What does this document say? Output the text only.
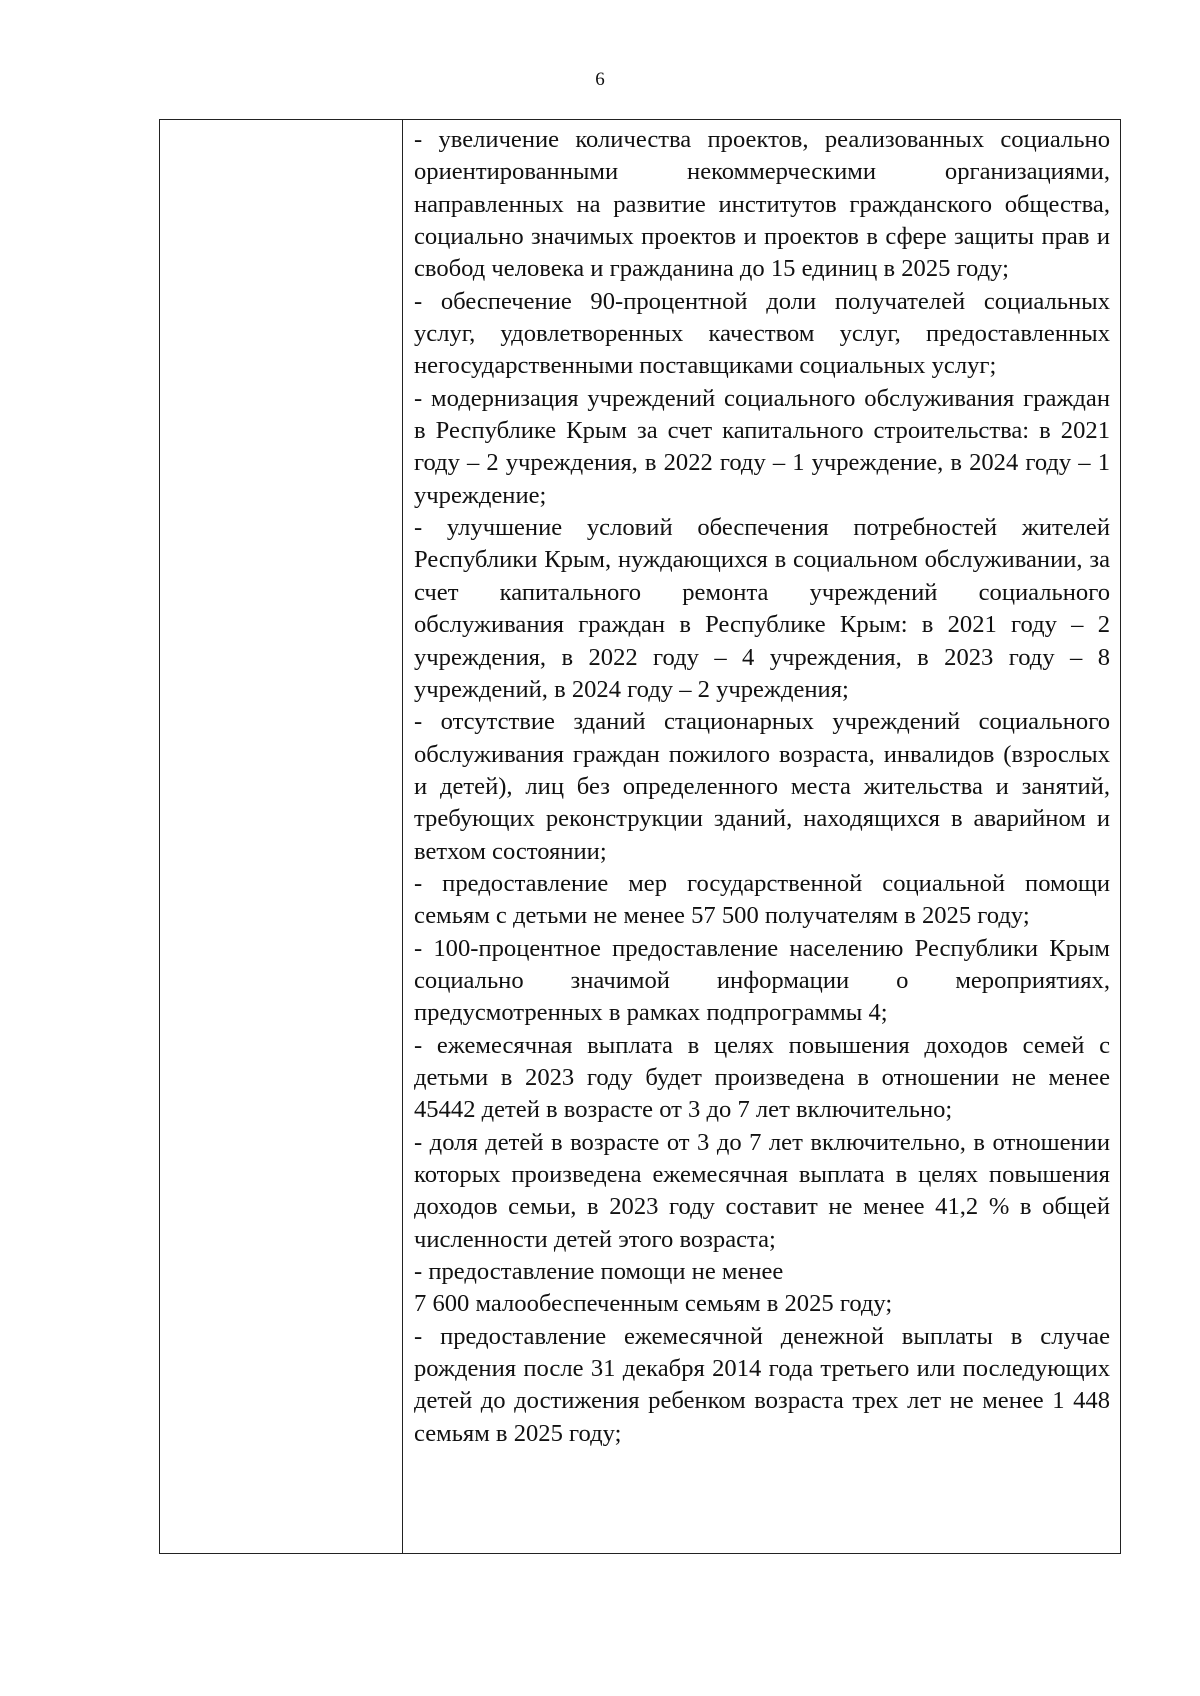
6

- увеличение количества проектов, реализованных социально ориентированными некоммерческими организациями, направленных на развитие институтов гражданского общества, социально значимых проектов и проектов в сфере защиты прав и свобод человека и гражданина до 15 единиц в 2025 году;

- обеспечение 90-процентной доли получателей социальных услуг, удовлетворенных качеством услуг, предоставленных негосударственными поставщиками социальных услуг;

- модернизация учреждений социального обслуживания граждан в Республике Крым за счет капитального строительства: в 2021 году – 2 учреждения, в 2022 году – 1 учреждение, в 2024 году – 1 учреждение;

- улучшение условий обеспечения потребностей жителей Республики Крым, нуждающихся в социальном обслуживании, за счет капитального ремонта учреждений социального обслуживания граждан в Республике Крым: в 2021 году – 2 учреждения, в 2022 году – 4 учреждения, в 2023 году – 8 учреждений, в 2024 году – 2 учреждения;

- отсутствие зданий стационарных учреждений социального обслуживания граждан пожилого возраста, инвалидов (взрослых и детей), лиц без определенного места жительства и занятий, требующих реконструкции зданий, находящихся в аварийном и ветхом состоянии;

- предоставление мер государственной социальной помощи семьям с детьми не менее 57 500 получателям в 2025 году;

- 100-процентное предоставление населению Республики Крым социально значимой информации о мероприятиях, предусмотренных в рамках подпрограммы 4;

- ежемесячная выплата в целях повышения доходов семей с детьми в 2023 году будет произведена в отношении не менее 45442 детей в возрасте от 3 до 7 лет включительно;

- доля детей в возрасте от 3 до 7 лет включительно, в отношении которых произведена ежемесячная выплата в целях повышения доходов семьи, в 2023 году составит не менее 41,2 % в общей численности детей этого возраста;

- предоставление помощи не менее
7 600 малообеспеченным семьям в 2025 году;

- предоставление ежемесячной денежной выплаты в случае рождения после 31 декабря 2014 года третьего или последующих детей до достижения ребенком возраста трех лет не менее 1 448 семьям в 2025 году;
